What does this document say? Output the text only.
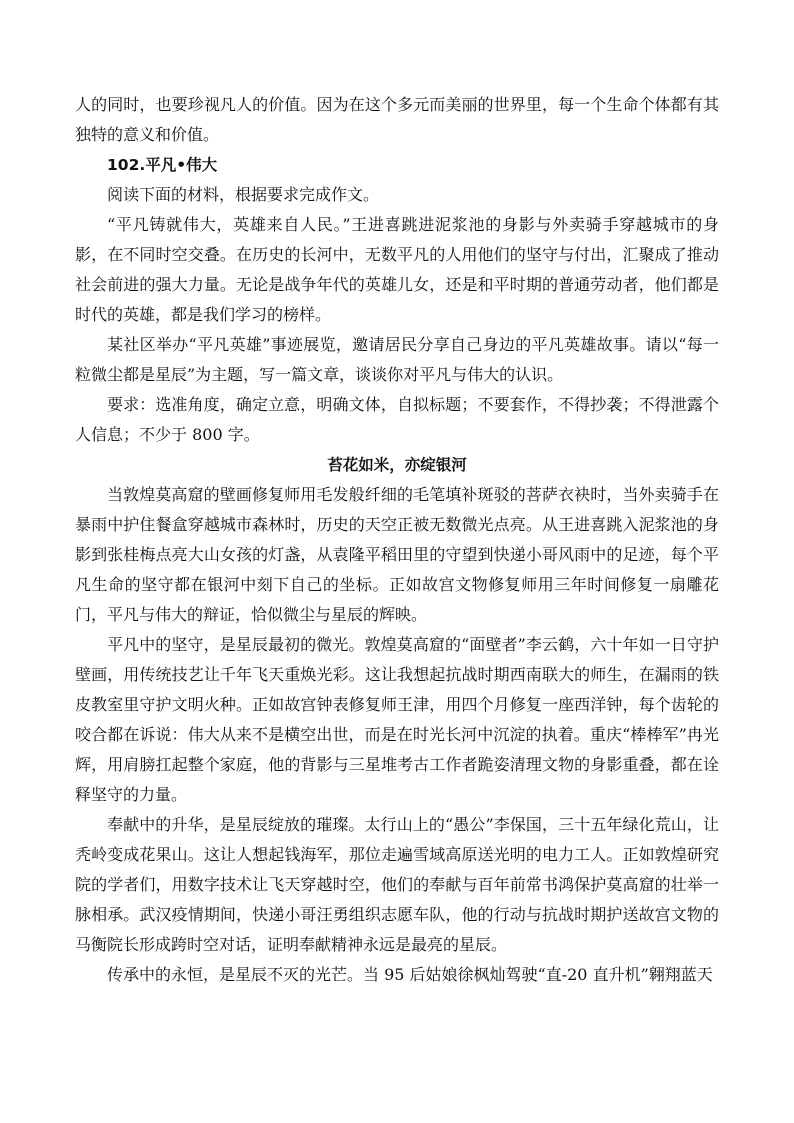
人的同时，也要珍视凡人的价值。因为在这个多元而美丽的世界里，每一个生命个体都有其独特的意义和价值。

102.平凡•伟大

阅读下面的材料，根据要求完成作文。

“平凡铸就伟大，英雄来自人民。”王进喜跳进泥浆池的身影与外卖骑手穿越城市的身影，在不同时空交叠。在历史的长河中，无数平凡的人用他们的坚守与付出，汇聚成了推动社会前进的强大力量。无论是战争年代的英雄儿女，还是和平时期的普通劳动者，他们都是时代的英雄，都是我们学习的榜样。

某社区举办“平凡英雄”事迹展览，邀请居民分享自己身边的平凡英雄故事。请以“每一粒微尘都是星辰”为主题，写一篇文章，谈谈你对平凡与伟大的认识。

要求：选准角度，确定立意，明确文体，自拟标题；不要套作，不得抄袭；不得泄露个人信息；不少于 800 字。

苔花如米，亦绽银河

当敦煌莫高窟的壁画修复师用毛发般纤细的毛笔填补斑驳的菩萨衣袂时，当外卖骑手在暴雨中护住餐盒穿越城市森林时，历史的天空正被无数微光点亮。从王进喜跳入泥浆池的身影到张桂梅点亮大山女孩的灯盏，从袁隆平稻田里的守望到快递小哥风雨中的足迹，每个平凡生命的坚守都在银河中刻下自己的坐标。正如故宫文物修复师用三年时间修复一扇雕花门，平凡与伟大的辩证，恰似微尘与星辰的辉映。

平凡中的坚守，是星辰最初的微光。敦煌莫高窟的“面壁者”李云鹤，六十年如一日守护壁画，用传统技艺让千年飞天重焕光彩。这让我想起抗战时期西南联大的师生，在漏雨的铁皮教室里守护文明火种。正如故宫钟表修复师王津，用四个月修复一座西洋钟，每个齿轮的咬合都在诉说：伟大从来不是横空出世，而是在时光长河中沉淀的执着。重庆“棒棒军”冉光辉，用肩膀扛起整个家庭，他的背影与三星堆考古工作者跪姿清理文物的身影重叠，都在诠释坚守的力量。

奉献中的升华，是星辰绽放的璀璨。太行山上的“愚公”李保国，三十五年绿化荒山，让秃岭变成花果山。这让人想起钱海军，那位走遍雪域高原送光明的电力工人。正如敦煌研究院的学者们，用数字技术让飞天穿越时空，他们的奉献与百年前常书鸿保护莫高窟的壮举一脉相承。武汉疫情期间，快递小哥汪勇组织志愿车队，他的行动与抗战时期护送故宫文物的马衡院长形成跨时空对话，证明奉献精神永远是最亮的星辰。

传承中的永恒，是星辰不灭的光芒。当 95 后姑娘徐枫灿驾驶“直-20 直升机”翱翔蓝天
